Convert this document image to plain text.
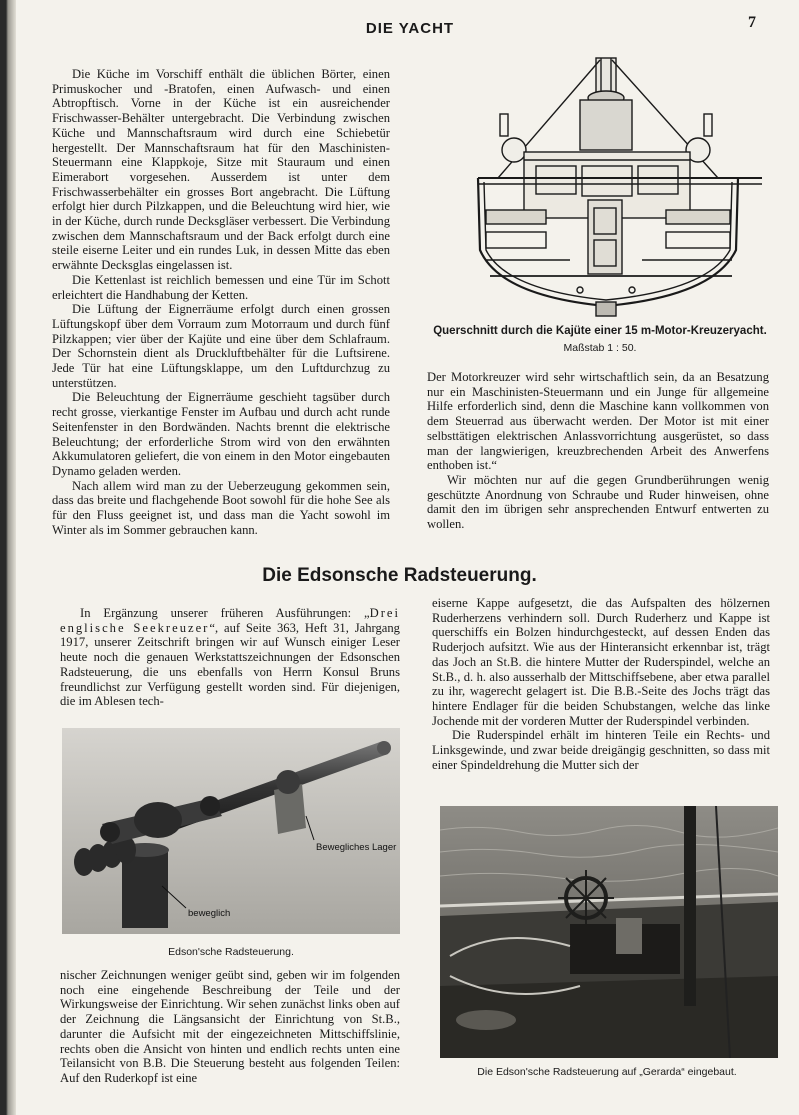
DIE YACHT	7

Die Küche im Vorschiff enthält die üblichen Börter, einen Primuskocher und -Bratofen, einen Aufwasch- und einen Abtropftisch. Vorne in der Küche ist ein ausreichender Frischwasser-Behälter untergebracht. Die Verbindung zwischen Küche und Mannschaftsraum wird durch eine Schiebetür hergestellt. Der Mannschaftsraum hat für den Maschinisten-Steuermann eine Klappkoje, Sitze mit Stauraum und einen Eimerabort vorgesehen. Ausserdem ist unter dem Frischwasserbehälter ein grosses Bort angebracht. Die Lüftung erfolgt hier durch Pilzkappen, und die Beleuchtung wird hier, wie in der Küche, durch runde Decksgläser verbessert. Die Verbindung zwischen dem Mannschaftsraum und der Back erfolgt durch eine steile eiserne Leiter und ein rundes Luk, in dessen Mitte das eben erwähnte Decksglas eingelassen ist.

Die Kettenlast ist reichlich bemessen und eine Tür im Schott erleichtert die Handhabung der Ketten.

Die Lüftung der Eignerräume erfolgt durch einen grossen Lüftungskopf über dem Vorraum zum Motorraum und durch fünf Pilzkappen; vier über der Kajüte und eine über dem Schlafraum. Der Schornstein dient als Druckluftbehälter für die Luftsirene. Jede Tür hat eine Lüftungsklappe, um den Luftdurchzug zu unterstützen.

Die Beleuchtung der Eignerräume geschieht tagsüber durch recht grosse, vierkantige Fenster im Aufbau und durch acht runde Seitenfenster in den Bordwänden. Nachts brennt die elektrische Beleuchtung; der erforderliche Strom wird von den erwähnten Akkumulatoren geliefert, die von einem in den Motor eingebauten Dynamo geladen werden.

Nach allem wird man zu der Ueberzeugung gekommen sein, dass das breite und flachgehende Boot sowohl für die hohe See als für den Fluss geeignet ist, und dass man die Yacht sowohl im Winter als im Sommer gebrauchen kann.

Querschnitt durch die Kajüte einer 15 m-Motor-Kreuzeryacht.
Maßstab 1 : 50.

Der Motorkreuzer wird sehr wirtschaftlich sein, da an Besatzung nur ein Maschinisten-Steuermann und ein Junge für allgemeine Hilfe erforderlich sind, denn die Maschine kann vollkommen von dem Steuerrad aus überwacht werden. Der Motor ist mit einer selbsttätigen elektrischen Anlassvorrichtung ausgerüstet, so dass man der langwierigen, kreuzbrechenden Arbeit des Anwerfens enthoben ist.“

Wir möchten nur auf die gegen Grundberührungen wenig geschützte Anordnung von Schraube und Ruder hinweisen, ohne damit den im übrigen sehr ansprechenden Entwurf entwerten zu wollen.

Die Edsonsche Radsteuerung.

In Ergänzung unserer früheren Ausführungen: „Drei englische Seekreuzer“, auf Seite 363, Heft 31, Jahrgang 1917, unserer Zeitschrift bringen wir auf Wunsch einiger Leser heute noch die genauen Werkstattszeichnungen der Edsonschen Radsteuerung, die uns ebenfalls von Herrn Konsul Bruns freundlichst zur Verfügung gestellt worden sind. Für diejenigen, die im Ablesen tech-

Bewegliches Lager
beweglich
Edson'sche Radsteuerung.

nischer Zeichnungen weniger geübt sind, geben wir im folgenden noch eine eingehende Beschreibung der Teile und der Wirkungsweise der Einrichtung. Wir sehen zunächst links oben auf der Zeichnung die Längsansicht der Einrichtung von St.B., darunter die Aufsicht mit der eingezeichneten Mittschiffslinie, rechts oben die Ansicht von hinten und endlich rechts unten eine Teilansicht von B.B. Die Steuerung besteht aus folgenden Teilen: Auf den Ruderkopf ist eine

eiserne Kappe aufgesetzt, die das Aufspalten des hölzernen Ruderherzens verhindern soll. Durch Ruderherz und Kappe ist querschiffs ein Bolzen hindurchgesteckt, auf dessen Enden das Ruderjoch aufsitzt. Wie aus der Hinteransicht erkennbar ist, trägt das Joch an St.B. die hintere Mutter der Ruderspindel, welche an St.B., d. h. also ausserhalb der Mittschiffsebene, aber etwa parallel zu ihr, wagerecht gelagert ist. Die B.B.-Seite des Jochs trägt das hintere Endlager für die beiden Schubstangen, welche das linke Jochende mit der vorderen Mutter der Ruderspindel verbinden.

Die Ruderspindel erhält im hinteren Teile ein Rechts- und Linksgewinde, und zwar beide dreigängig geschnitten, so dass mit einer Spindeldrehung die Mutter sich der

Die Edson'sche Radsteuerung auf „Gerarda“ eingebaut.
